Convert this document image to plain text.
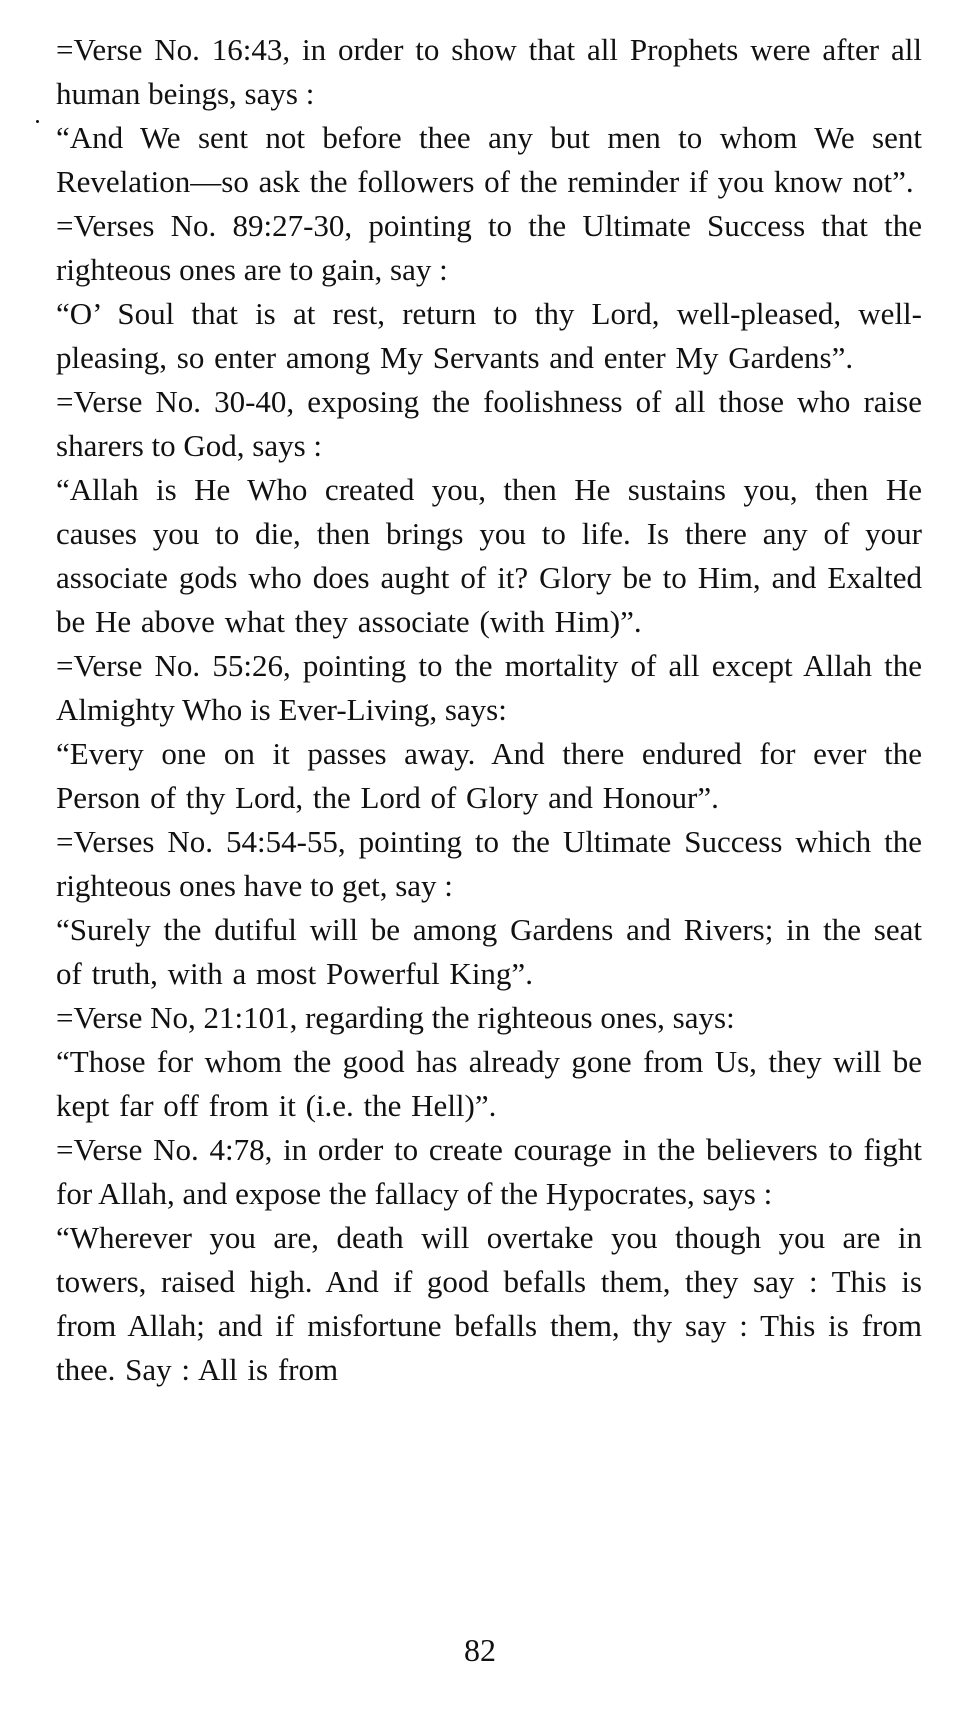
=Verse No. 16:43, in order to show that all Prophets were after all human beings, says :

“And We sent not before thee any but men to whom We sent Revelation—so ask the followers of the reminder if you know not”.

=Verses No. 89:27-30, pointing to the Ultimate Success that the righteous ones are to gain, say :

“O’ Soul that is at rest, return to thy Lord, well-pleased, well-pleasing, so enter among My Servants and enter My Gardens”.

=Verse No. 30-40, exposing the foolishness of all those who raise sharers to God, says :

“Allah is He Who created you, then He sustains you, then He causes you to die, then brings you to life. Is there any of your associate gods who does aught of it? Glory be to Him, and Exalted be He above what they associate (with Him)”.

=Verse No. 55:26, pointing to the mortality of all except Allah the Almighty Who is Ever-Living, says:

“Every one on it passes away. And there endured for ever the Person of thy Lord, the Lord of Glory and Honour”.

=Verses No. 54:54-55, pointing to the Ultimate Success which the righteous ones have to get, say :

“Surely the dutiful will be among Gardens and Rivers; in the seat of truth, with a most Powerful King”.

=Verse No, 21:101, regarding the righteous ones, says:

“Those for whom the good has already gone from Us, they will be kept far off from it (i.e. the Hell)”.

=Verse No. 4:78, in order to create courage in the believers to fight for Allah, and expose the fallacy of the Hypocrates, says :

“Wherever you are, death will overtake you though you are in towers, raised high. And if good befalls them, they say : This is from Allah; and if misfortune befalls them, thy say : This is from thee. Say : All is from

82
